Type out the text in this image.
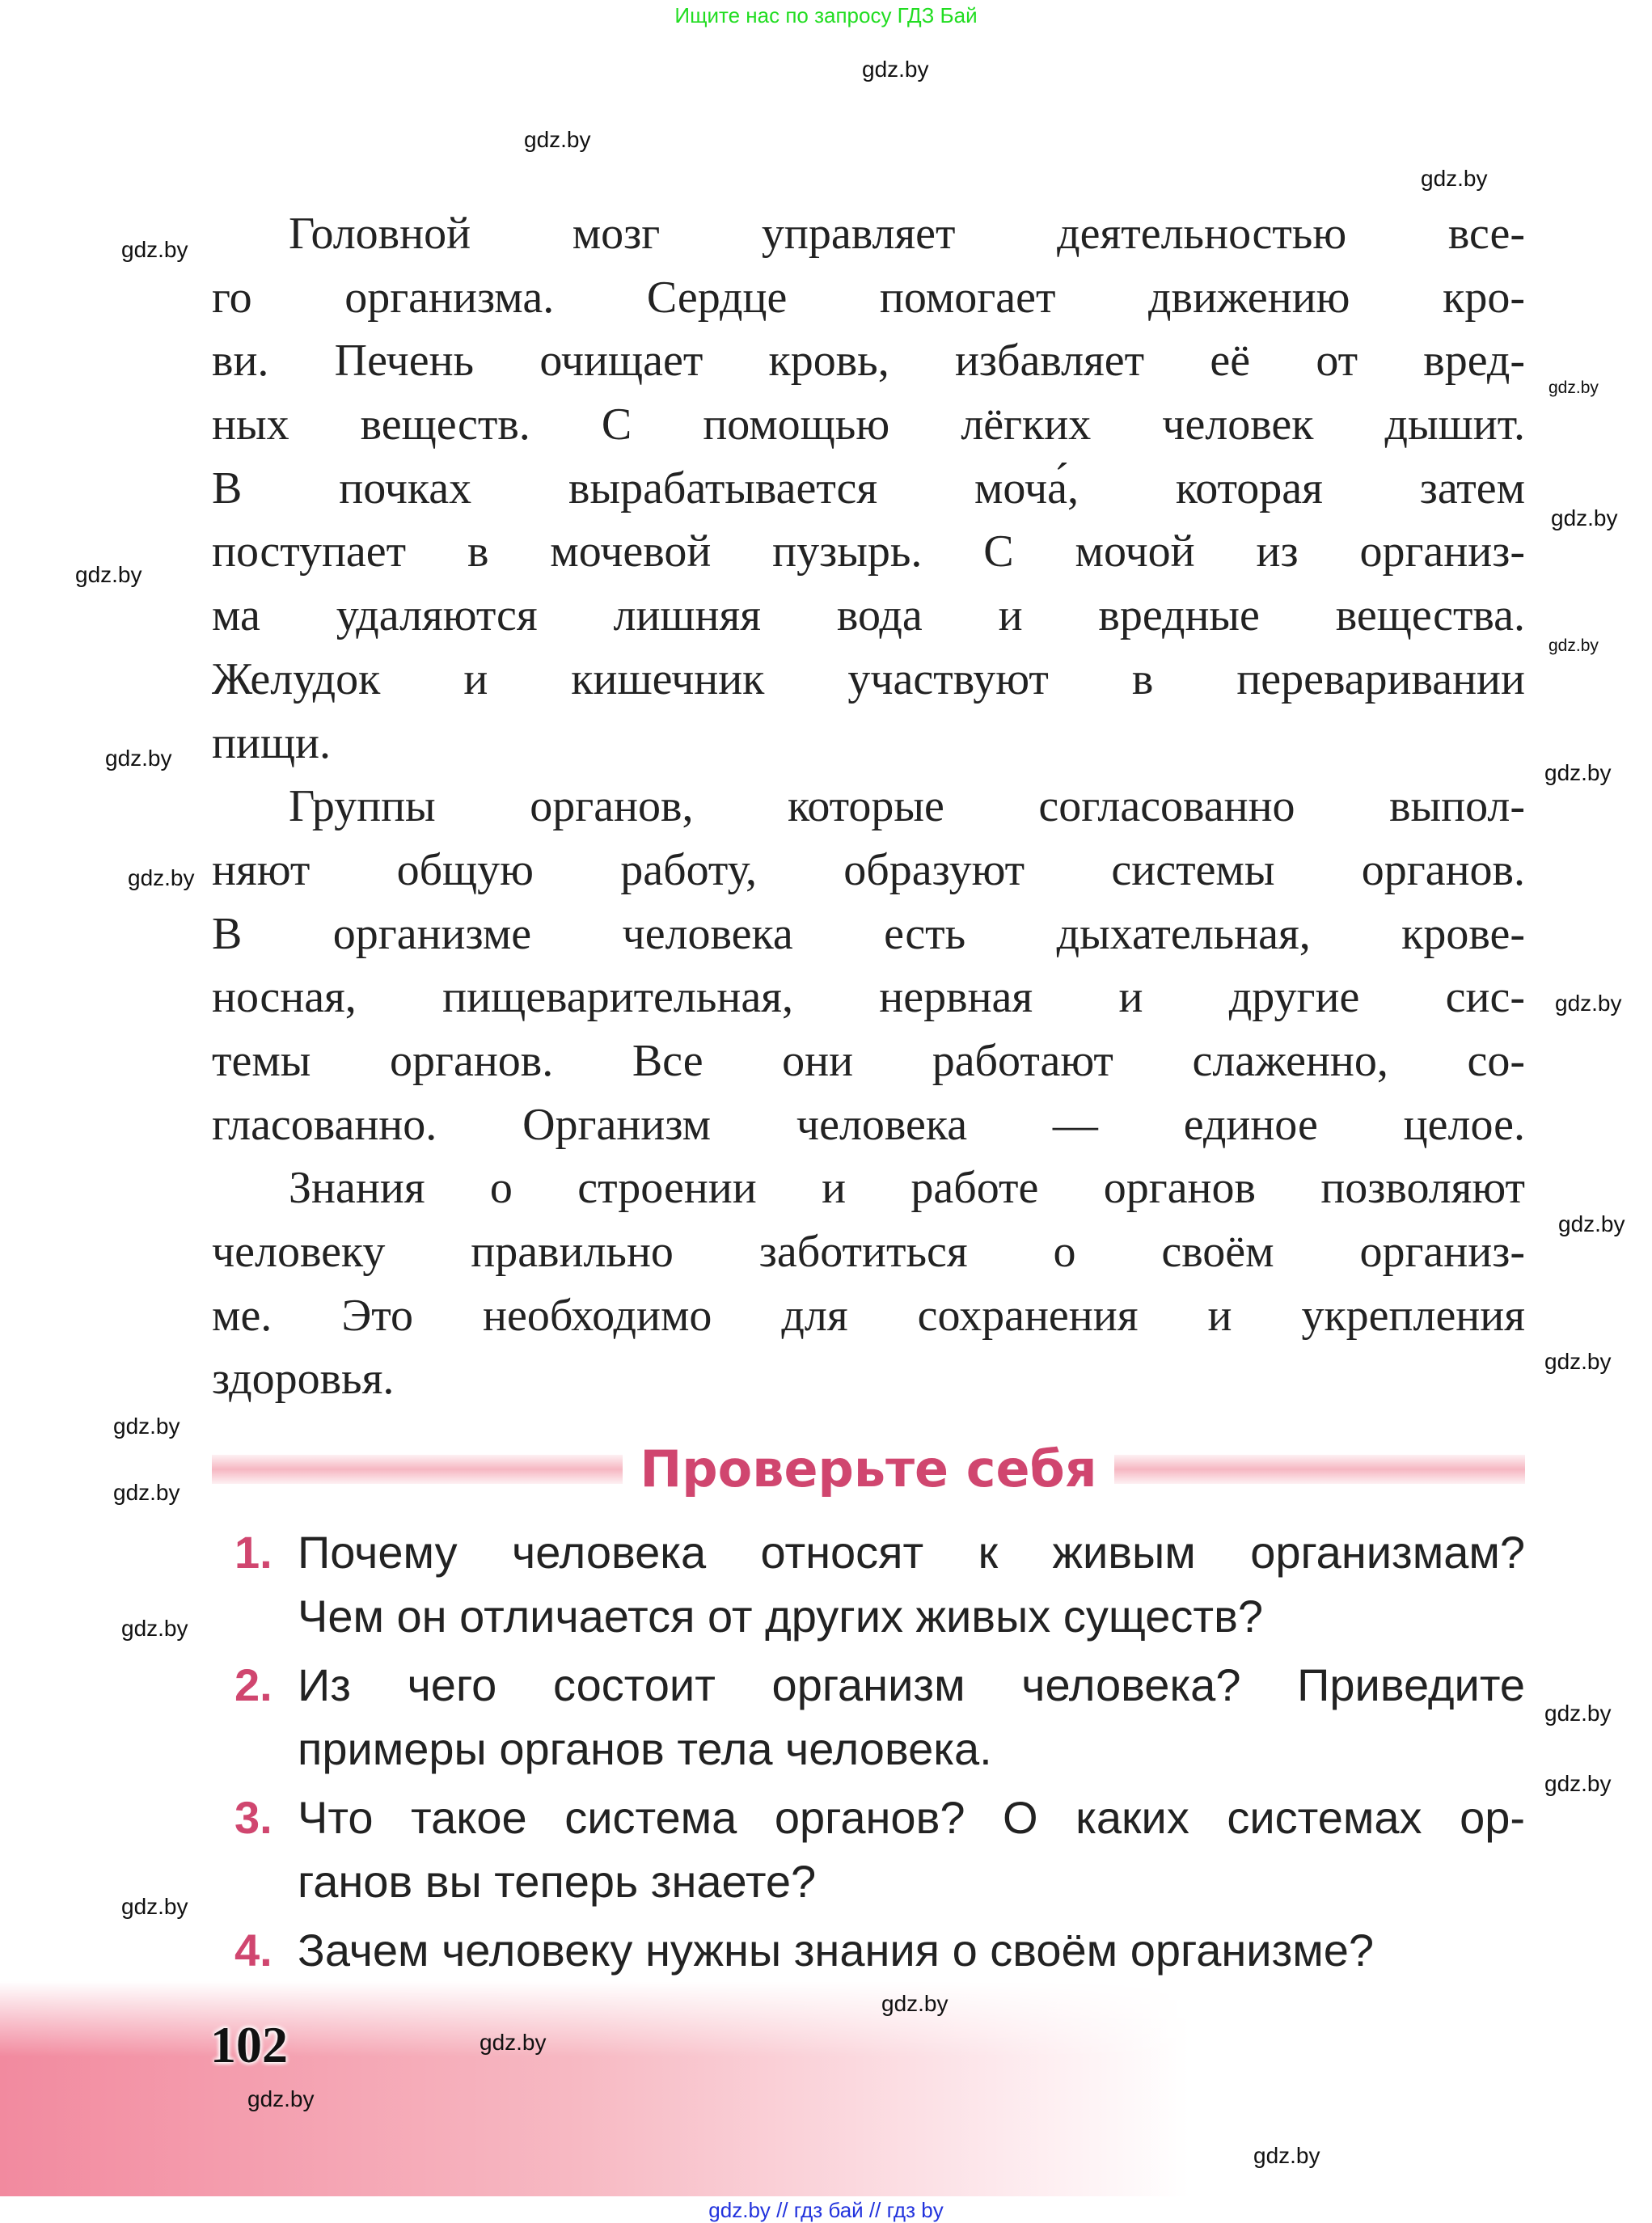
Ищите нас по запросу ГДЗ Бай
Головной мозг управляет деятельностью все-
го организма. Сердце помогает движению кро-
ви. Печень очищает кровь, избавляет её от вред-
ных веществ. С помощью лёгких человек дышит.
В почках вырабатывается моча́, которая затем
поступает в мочевой пузырь. С мочой из организ-
ма удаляются лишняя вода и вредные вещества.
Желудок и кишечник участвуют в переваривании
пищи.
Группы органов, которые согласованно выпол-
няют общую работу, образуют системы органов.
В организме человека есть дыхательная, крове-
носная, пищеварительная, нервная и другие сис-
темы органов. Все они работают слаженно, со-
гласованно. Организм человека — единое целое.
Знания о строении и работе органов позволяют
человеку правильно заботиться о своём организ-
ме. Это необходимо для сохранения и укрепления
здоровья.
Проверьте себя
1. Почему человека относят к живым организмам?
Чем он отличается от других живых существ?
2. Из чего состоит организм человека? Приведите
примеры органов тела человека.
3. Что такое система органов? О каких системах ор-
ганов вы теперь знаете?
4. Зачем человеку нужны знания о своём организме?
102
gdz.by
gdz.by
gdz.by
gdz.by
gdz.by
gdz.by
gdz.by
gdz.by
gdz.by
gdz.by
gdz.by
gdz.by
gdz.by
gdz.by
gdz.by
gdz.by
gdz.by
gdz.by
gdz.by
gdz.by
gdz.by
gdz.by
gdz.by
gdz.by
gdz.by // гдз бай // гдз by
